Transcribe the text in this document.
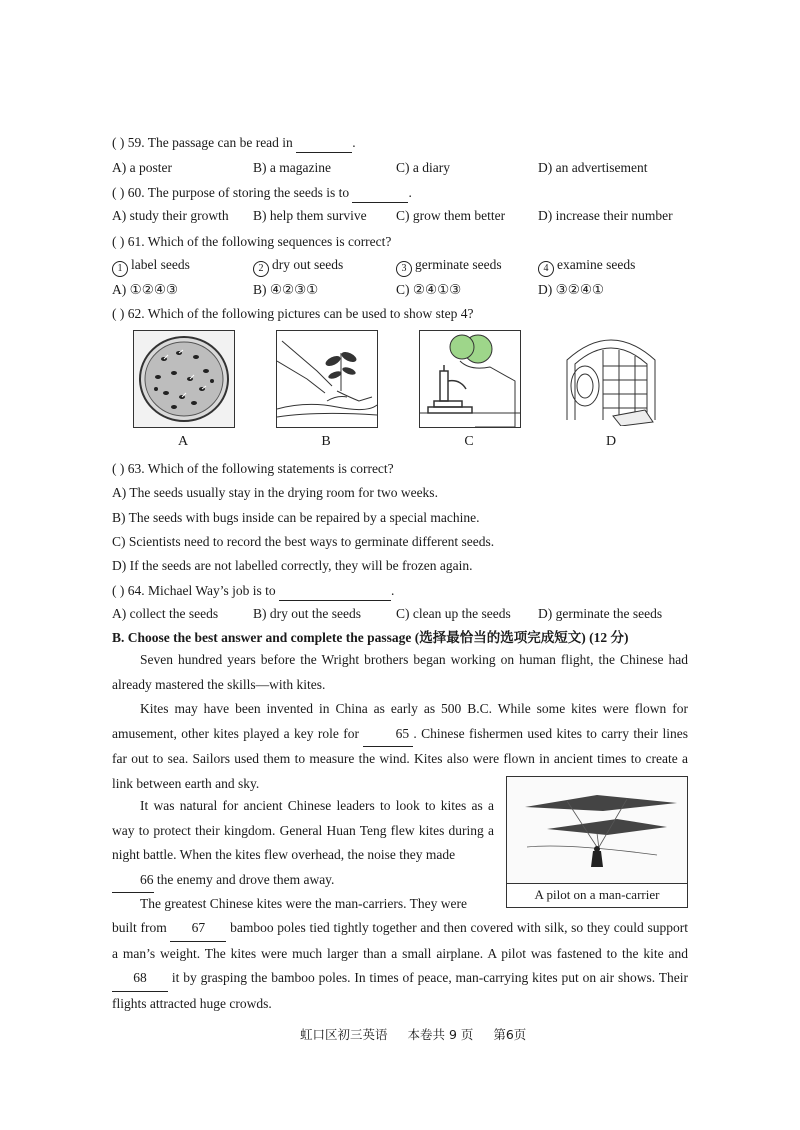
( ) 59. The passage can be read in	.
A) a poster	B) a magazine	C) a diary	D) an advertisement
( ) 60. The purpose of storing the seeds is to	.
A) study their growth B) help them survive C) grow them better D) increase their number
( ) 61. Which of the following sequences is correct?
1 label seeds	2 dry out seeds	3 germinate seeds	4 examine seeds
A) ①②④③	B) ④②③①	C) ②④①③	D) ③②④①
( ) 62. Which of the following pictures can be used to show step 4?
A	B	C	D
( ) 63. Which of the following statements is correct?
A) The seeds usually stay in the drying room for two weeks.
B) The seeds with bugs inside can be repaired by a special machine.
C) Scientists need to record the best ways to germinate different seeds.
D) If the seeds are not labelled correctly, they will be frozen again.
( ) 64. Michael Way’s job is to	.
A) collect the seeds	B) dry out the seeds	C) clean up the seeds D) germinate the seeds
B. Choose the best answer and complete the passage (选择最恰当的选项完成短文) (12 分)
Seven hundred years before the Wright brothers began working on human flight, the Chinese had already mastered the skills—with kites.
Kites may have been invented in China as early as 500 B.C. While some kites were flown for amusement, other kites played a key role for	65 . Chinese fishermen used kites to carry their lines far out to sea. Sailors used them to measure the wind. Kites also were flown in ancient times to create a link between earth and sky.
A pilot on a man-carrier
It was natural for ancient Chinese leaders to look to kites as a way to protect their kingdom. General Huan Teng flew kites during a night battle. When the kites flew overhead, the noise they made
66 the enemy and drove them away.
The greatest Chinese kites were the man-carriers. They were
built from 67 bamboo poles tied tightly together and then covered with silk, so they could support a man’s weight. The kites were much larger than a small airplane. A pilot was fastened to the kite and 68 it by grasping the bamboo poles. In times of peace, man-carrying kites put on air shows. Their flights attracted huge crowds.
虹口区初三英语 本卷共 9 页 第6页
